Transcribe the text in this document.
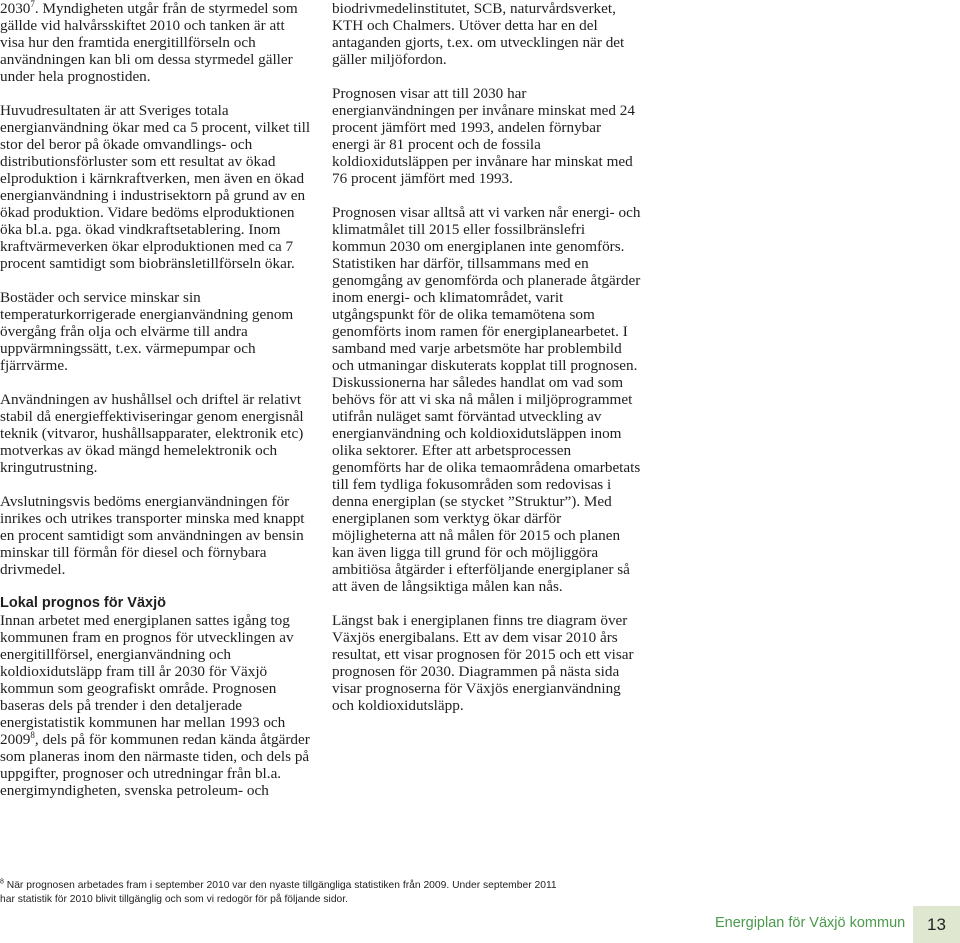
2030$^7$. Myndigheten utgår från de styrmedel som gällde vid halvårsskiftet 2010 och tanken är att visa hur den framtida energitillförseln och användningen kan bli om dessa styrmedel gäller under hela prognostiden.

Huvudresultaten är att Sveriges totala energianvändning ökar med ca 5 procent, vilket till stor del beror på ökade omvandlings- och distributionsförluster som ett resultat av ökad elproduktion i kärnkraftverken, men även en ökad energianvändning i industrisektorn på grund av en ökad produktion. Vidare bedöms elproduktionen öka bl.a. pga. ökad vindkraftsetablering. Inom kraftvärmeverken ökar elproduktionen med ca 7 procent samtidigt som biobränsletillförseln ökar.

Bostäder och service minskar sin temperaturkorrigerade energianvändning genom övergång från olja och elvärme till andra uppvärmningssätt, t.ex. värmepumpar och fjärrvärme.

Användningen av hushållsel och driftel är relativt stabil då energieffektiviseringar genom energisnål teknik (vitvaror, hushållsapparater, elektronik etc) motverkas av ökad mängd hemelektronik och kringutrustning.

Avslutningsvis bedöms energianvändningen för inrikes och utrikes transporter minska med knappt en procent samtidigt som användningen av bensin minskar till förmån för diesel och förnybara drivmedel.

Lokal prognos för Växjö

Innan arbetet med energiplanen sattes igång tog kommunen fram en prognos för utvecklingen av energitillförsel, energianvändning och koldioxidutsläpp fram till år 2030 för Växjö kommun som geografiskt område. Prognosen baseras dels på trender i den detaljerade energistatistik kommunen har mellan 1993 och 2009$^8$, dels på för kommunen redan kända åtgärder som planeras inom den närmaste tiden, och dels på uppgifter, prognoser och utredningar från bl.a. energimyndigheten, svenska petroleum- och

biodrivmedelinstitutet, SCB, naturvårdsverket, KTH och Chalmers. Utöver detta har en del antaganden gjorts, t.ex. om utvecklingen när det gäller miljöfordon.

Prognosen visar att till 2030 har energianvändningen per invånare minskat med 24 procent jämfört med 1993, andelen förnybar energi är 81 procent och de fossila koldioxidutsläppen per invånare har minskat med 76 procent jämfört med 1993.

Prognosen visar alltså att vi varken når energi- och klimatmålet till 2015 eller fossilbränslefri kommun 2030 om energiplanen inte genomförs. Statistiken har därför, tillsammans med en genomgång av genomförda och planerade åtgärder inom energi- och klimatområdet, varit utgångspunkt för de olika temamötena som genomförts inom ramen för energiplanearbetet. I samband med varje arbetsmöte har problembild och utmaningar diskuterats kopplat till prognosen. Diskussionerna har således handlat om vad som behövs för att vi ska nå målen i miljöprogrammet utifrån nuläget samt förväntad utveckling av energianvändning och koldioxidutsläppen inom olika sektorer. Efter att arbetsprocessen genomförts har de olika temaområdena omarbetats till fem tydliga fokusområden som redovisas i denna energiplan (se stycket ”Struktur”). Med energiplanen som verktyg ökar därför möjligheterna att nå målen för 2015 och planen kan även ligga till grund för och möjliggöra ambitiösa åtgärder i efterföljande energiplaner så att även de långsiktiga målen kan nås.

Längst bak i energiplanen finns tre diagram över Växjös energibalans. Ett av dem visar 2010 års resultat, ett visar prognosen för 2015 och ett visar prognosen för 2030. Diagrammen på nästa sida visar prognoserna för Växjös energianvändning och koldioxidutsläpp.

$^8$ När prognosen arbetades fram i september 2010 var den nyaste tillgängliga statistiken från 2009. Under september 2011 har statistik för 2010 blivit tillgänglig och som vi redogör för på följande sidor.
Energiplan för Växjö kommun 13
